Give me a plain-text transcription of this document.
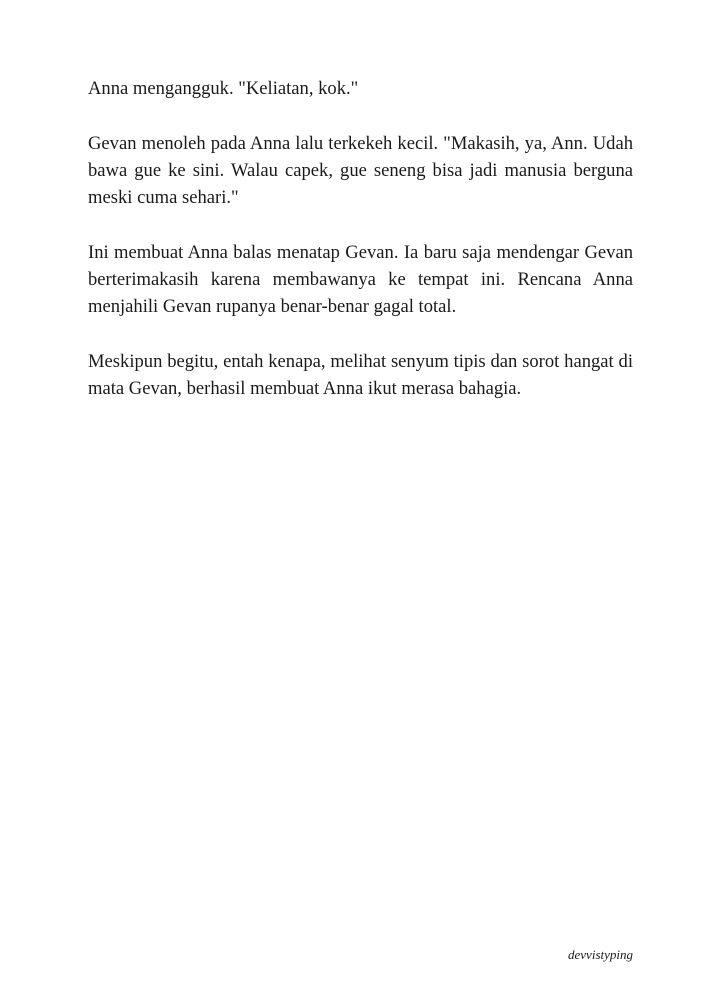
Anna mengangguk. "Keliatan, kok."

Gevan menoleh pada Anna lalu terkekeh kecil. "Makasih, ya, Ann. Udah bawa gue ke sini. Walau capek, gue seneng bisa jadi manusia berguna meski cuma sehari."

Ini membuat Anna balas menatap Gevan. Ia baru saja mendengar Gevan berterimakasih karena membawanya ke tempat ini. Rencana Anna menjahili Gevan rupanya benar-benar gagal total.

Meskipun begitu, entah kenapa, melihat senyum tipis dan sorot hangat di mata Gevan, berhasil membuat Anna ikut merasa bahagia.

devvistyping
